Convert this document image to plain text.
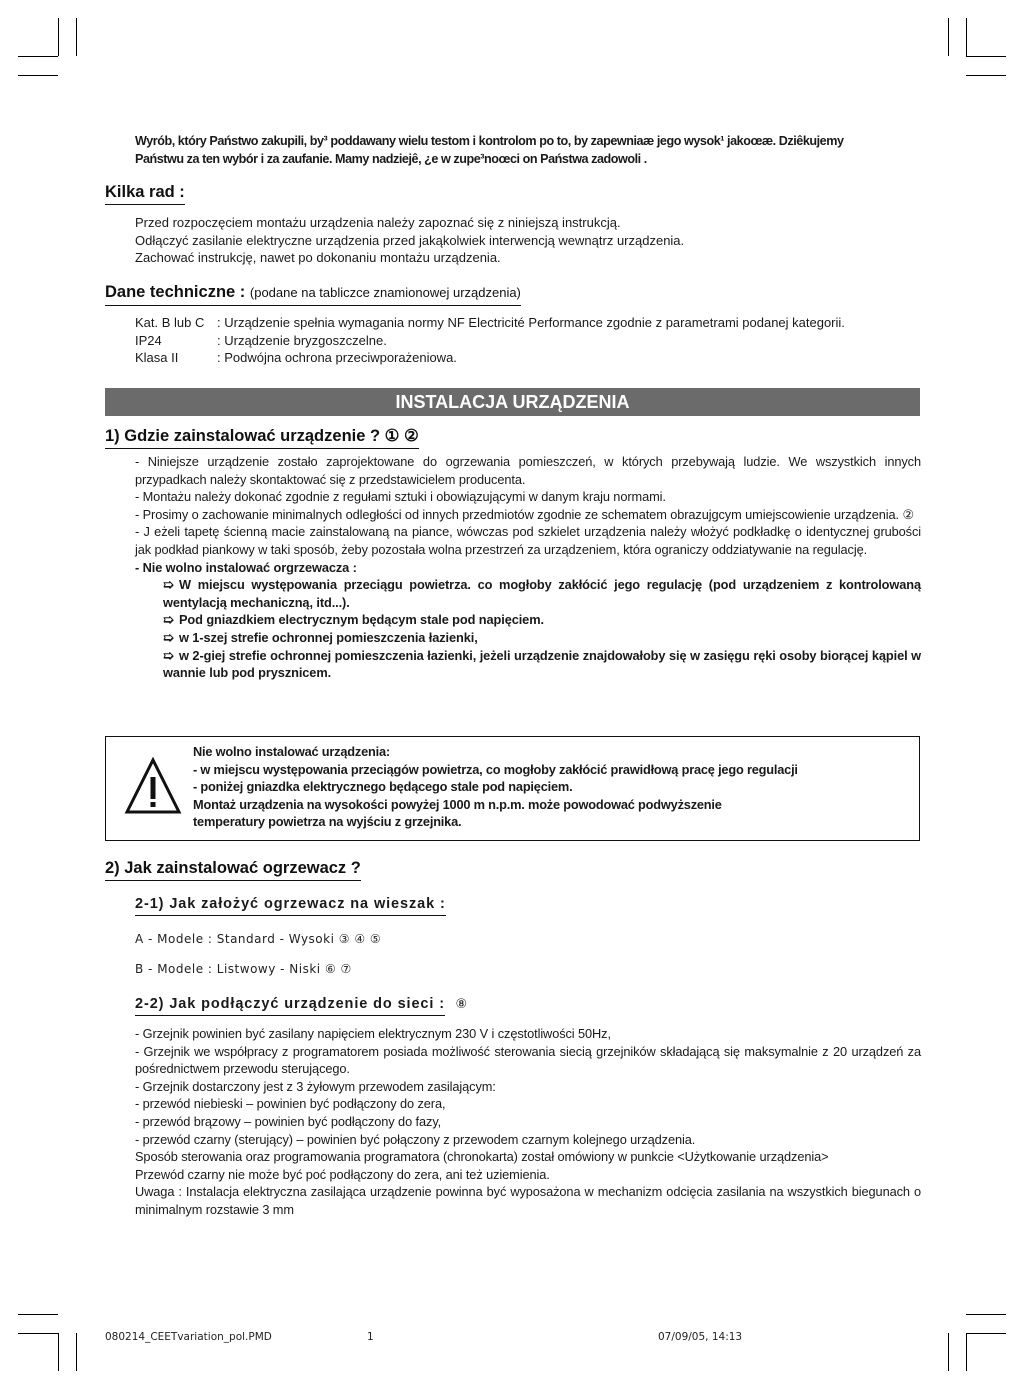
Wyrób, który Państwo zakupili, by³ poddawany wielu testom i kontrolom po to, by zapewniaæ jego wysok¹ jakoœæ. Dziêkujemy
Państwu za ten wybór i za zaufanie. Mamy nadziejê, ¿e w zupe³noœci on Państwa zadowoli .
Kilka rad :
Przed rozpoczęciem montażu urządzenia należy zapoznać się z niniejszą instrukcją.
Odłączyć zasilanie elektryczne urządzenia przed jakąkolwiek interwencją wewnątrz urządzenia.
Zachować instrukcję, nawet po dokonaniu montażu urządzenia.
Dane techniczne : (podane na tabliczce znamionowej urządzenia)
Kat. B lub C : Urządzenie spełnia wymagania normy NF Electricité Performance zgodnie z parametrami podanej kategorii.
IP24	: Urządzenie bryzgoszczelne.
Klasa II	: Podwójna ochrona przeciwporażeniowa.
INSTALACJA URZĄDZENIA
1) Gdzie zainstalować urządzenie ? ① ②

- Niniejsze urządzenie zostało zaprojektowane do ogrzewania pomieszczeń, w których przebywają ludzie. We wszystkich innych przypadkach należy skontaktować się z przedstawicielem producenta.

- Montażu należy dokonać zgodnie z regułami sztuki i obowiązującymi w danym kraju normami.

- Prosimy o zachowanie minimalnych odległości od innych przedmiotów zgodnie ze schematem obrazujgcym umiejscowienie urządzenia. ②

- J eżeli tapetę ścienną macie zainstalowaną na piance, wówczas pod szkielet urządzenia należy włożyć podkładkę o identycznej grubości jak podkład piankowy w taki sposób, żeby pozostała wolna przestrzeń za urządzeniem, która ograniczy oddziatywanie na regulację.

- Nie wolno instalować orgrzewacza :

➯ W miejscu występowania przeciągu powietrza. co mogłoby zakłócić jego regulację (pod urządzeniem z kontrolowaną wentylacją mechaniczną, itd...).

➯ Pod gniazdkiem electrycznym będącym stale pod napięciem.

➯ w 1-szej strefie ochronnej pomieszczenia łazienki,

➯ w 2-giej strefie ochronnej pomieszczenia łazienki, jeżeli urządzenie znajdowałoby się w zasięgu ręki osoby biorącej kąpiel w wannie lub pod prysznicem.

Nie wolno instalować urządzenia:
- w miejscu występowania przeciągów powietrza, co mogłoby zakłócić prawidłową pracę jego regulacji
- poniżej gniazdka elektrycznego będącego stale pod napięciem.
Montaż urządzenia na wysokości powyżej 1000 m n.p.m. może powodować podwyższenie
temperatury powietrza na wyjściu z grzejnika.
2) Jak zainstalować ogrzewacz ?
2-1) Jak założyć ogrzewacz na wieszak :
A - Modele : Standard - Wysoki ③ ④ ⑤
B - Modele : Listwowy - Niski ⑥ ⑦
2-2) Jak podłączyć urządzenie do sieci : ⑧

- Grzejnik powinien być zasilany napięciem elektrycznym 230 V i częstotliwości 50Hz,

- Grzejnik we współpracy z programatorem posiada możliwość sterowania siecią grzejników składającą się maksymalnie z 20 urządzeń za pośrednictwem przewodu sterującego.

- Grzejnik dostarczony jest z 3 żyłowym przewodem zasilającym:

- przewód niebieski – powinien być podłączony do zera,

- przewód brązowy – powinien być podłączony do fazy,

- przewód czarny (sterujący) – powinien być połączony z przewodem czarnym kolejnego urządzenia.

Sposób sterowania oraz programowania programatora (chronokarta) został omówiony w punkcie <Użytkowanie urządzenia>

Przewód czarny nie może być poć podłączony do zera, ani też uziemienia.

Uwaga : Instalacja elektryczna zasilająca urządzenie powinna być wyposażona w mechanizm odcięcia zasilania na wszystkich biegunach o minimalnym rozstawie 3 mm

080214_CEETvariation_pol.PMD	1	07/09/05, 14:13
